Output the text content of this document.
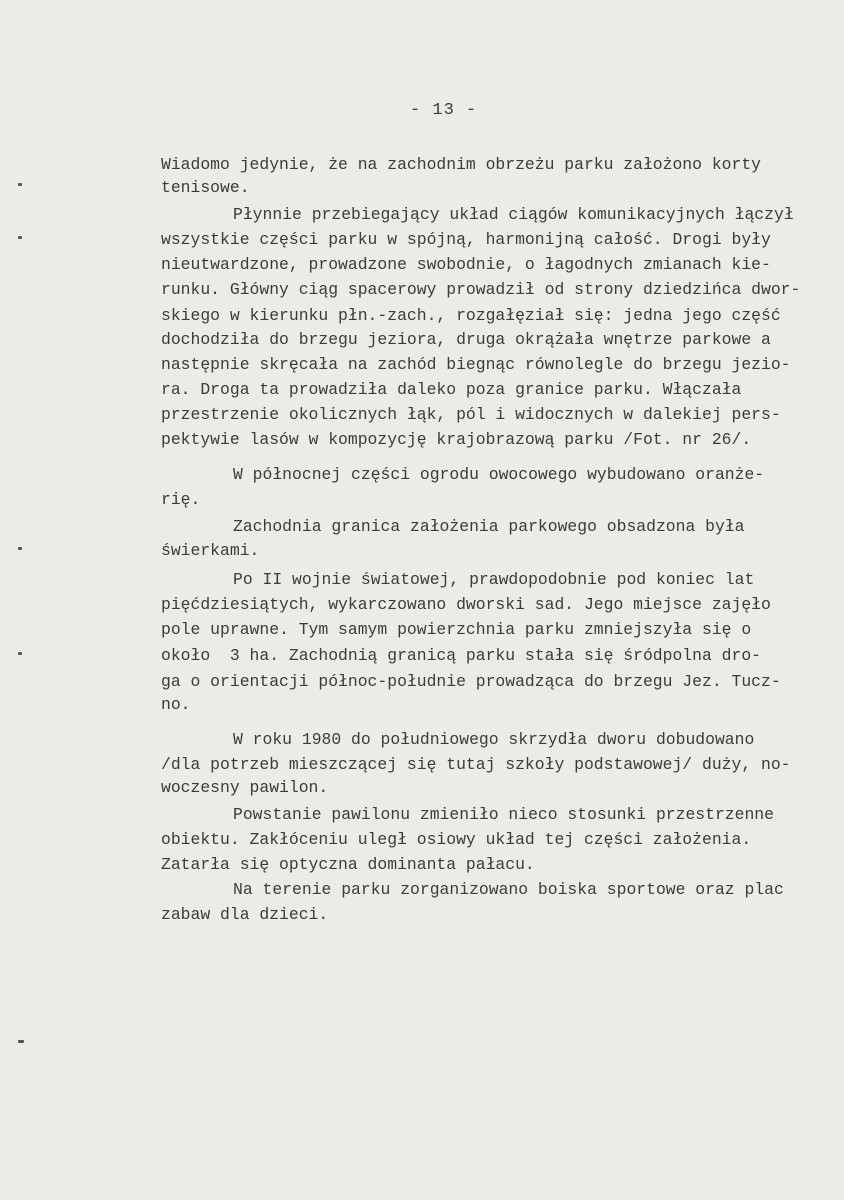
- 13 -
Wiadomo jedynie, że na zachodnim obrzeżu parku założono korty
tenisowe.
Płynnie przebiegający układ ciągów komunikacyjnych łączył
wszystkie części parku w spójną, harmonijną całość. Drogi były
nieutwardzone, prowadzone swobodnie, o łagodnych zmianach kie-
runku. Główny ciąg spacerowy prowadził od strony dziedzińca dwor-
skiego w kierunku płn.-zach., rozgałęział się: jedna jego część
dochodziła do brzegu jeziora, druga okrążała wnętrze parkowe a
następnie skręcała na zachód biegnąc równolegle do brzegu jezio-
ra. Droga ta prowadziła daleko poza granice parku. Włączała
przestrzenie okolicznych łąk, pól i widocznych w dalekiej pers-
pektywie lasów w kompozycję krajobrazową parku /Fot. nr 26/.
W północnej części ogrodu owocowego wybudowano oranże-
rię.
Zachodnia granica założenia parkowego obsadzona była
świerkami.
Po II wojnie światowej, prawdopodobnie pod koniec lat
pięćdziesiątych, wykarczowano dworski sad. Jego miejsce zajęło
pole uprawne. Tym samym powierzchnia parku zmniejszyła się o
około  3 ha. Zachodnią granicą parku stała się śródpolna dro-
ga o orientacji północ-południe prowadząca do brzegu Jez. Tucz-
no.
W roku 1980 do południowego skrzydła dworu dobudowano
/dla potrzeb mieszczącej się tutaj szkoły podstawowej/ duży, no-
woczesny pawilon.
Powstanie pawilonu zmieniło nieco stosunki przestrzenne
obiektu. Zakłóceniu uległ osiowy układ tej części założenia.
Zatarła się optyczna dominanta pałacu.
Na terenie parku zorganizowano boiska sportowe oraz plac
zabaw dla dzieci.
